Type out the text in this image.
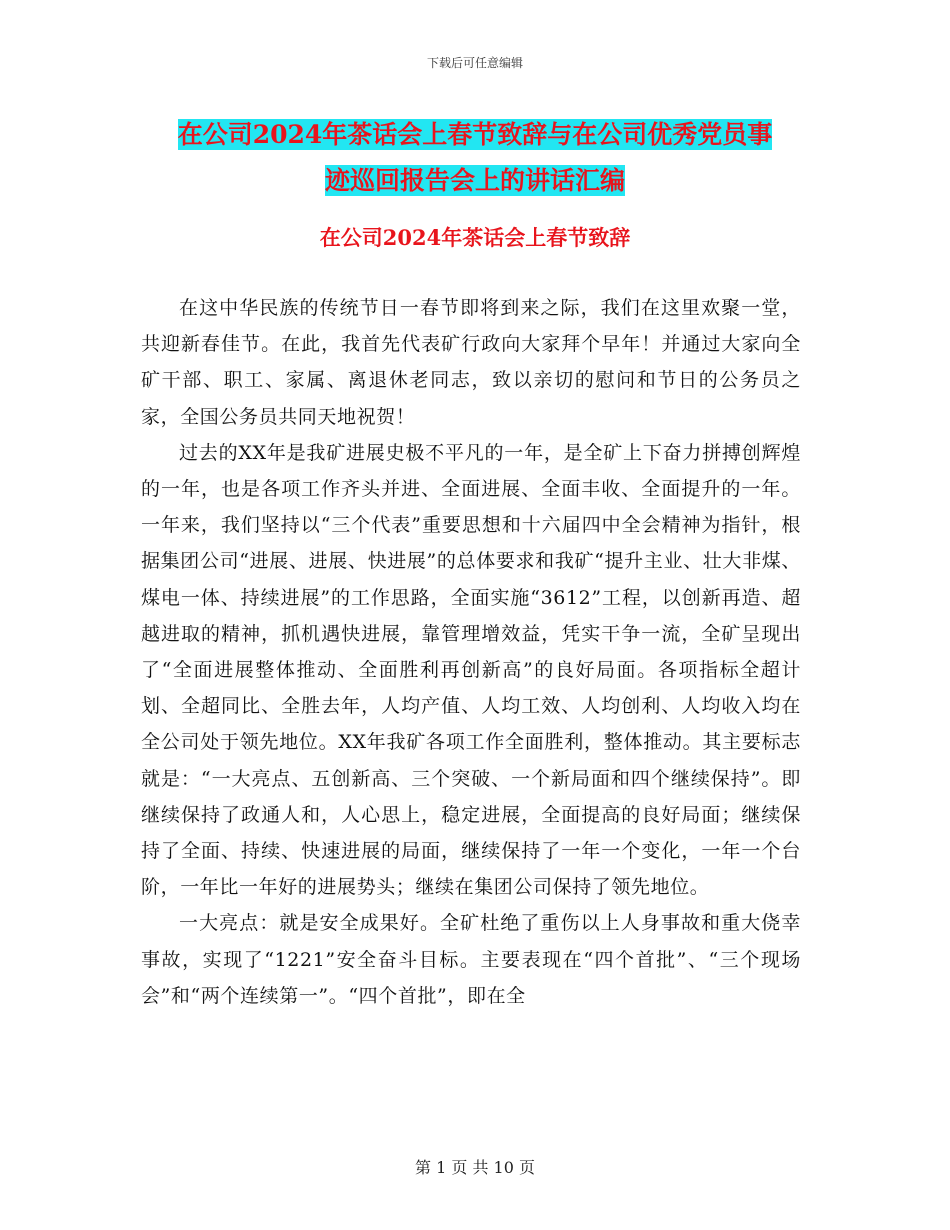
下载后可任意编辑
在公司2024年茶话会上春节致辞与在公司优秀党员事
迹巡回报告会上的讲话汇编
在公司2024年茶话会上春节致辞

在这中华民族的传统节日一春节即将到来之际，我们在这里欢聚一堂，共迎新春佳节。在此，我首先代表矿行政向大家拜个早年！并通过大家向全矿干部、职工、家属、离退休老同志，致以亲切的慰问和节日的公务员之家，全国公务员共同天地祝贺！

过去的XX年是我矿进展史极不平凡的一年，是全矿上下奋力拼搏创辉煌的一年，也是各项工作齐头并进、全面进展、全面丰收、全面提升的一年。一年来，我们坚持以“三个代表”重要思想和十六届四中全会精神为指针，根据集团公司“进展、进展、快进展”的总体要求和我矿“提升主业、壮大非煤、煤电一体、持续进展”的工作思路，全面实施“3612”工程，以创新再造、超越进取的精神，抓机遇快进展，靠管理增效益，凭实干争一流，全矿呈现出了“全面进展整体推动、全面胜利再创新高”的良好局面。各项指标全超计划、全超同比、全胜去年，人均产值、人均工效、人均创利、人均收入均在全公司处于领先地位。XX年我矿各项工作全面胜利，整体推动。其主要标志就是：“一大亮点、五创新高、三个突破、一个新局面和四个继续保持”。即继续保持了政通人和，人心思上，稳定进展，全面提高的良好局面；继续保持了全面、持续、快速进展的局面，继续保持了一年一个变化，一年一个台阶，一年比一年好的进展势头；继续在集团公司保持了领先地位。

一大亮点：就是安全成果好。全矿杜绝了重伤以上人身事故和重大侥幸事故，实现了“1221”安全奋斗目标。主要表现在“四个首批”、“三个现场会”和“两个连续第一”。“四个首批”，即在全

第 1 页 共 10 页
